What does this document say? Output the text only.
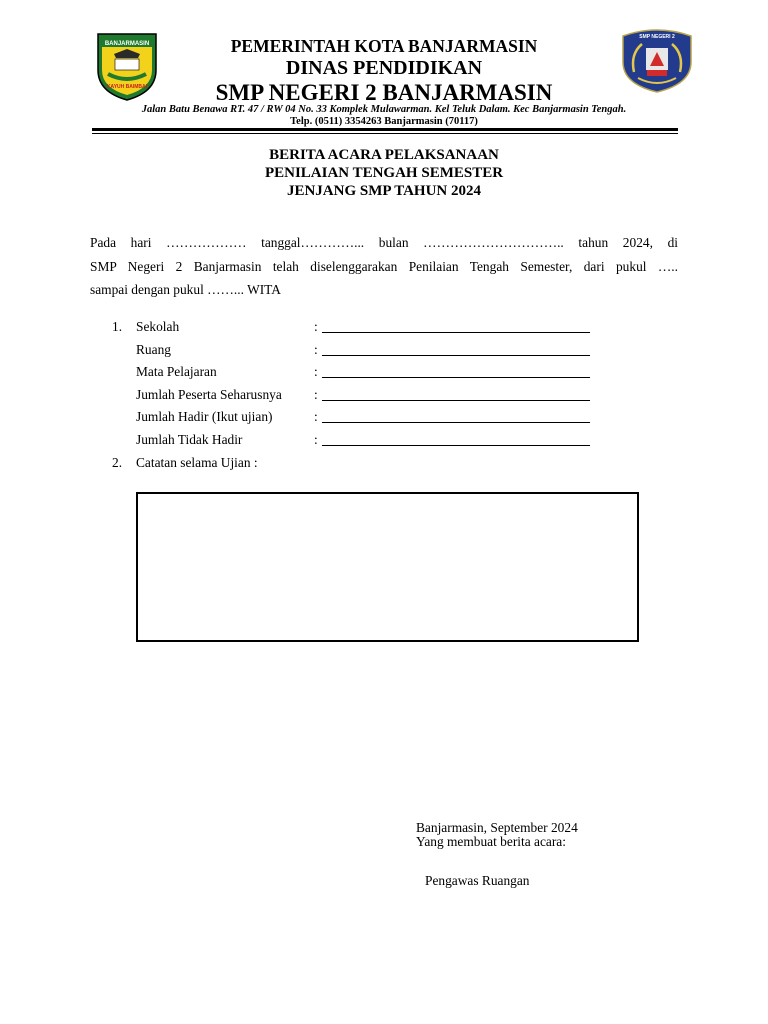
BANJARMASIN
KAYUH BAIMBAI
SMP NEGERI 2
PEMERINTAH KOTA BANJARMASIN
DINAS PENDIDIKAN
SMP NEGERI 2 BANJARMASIN
Jalan Batu Benawa RT. 47 / RW 04 No. 33 Komplek Mulawarman. Kel Teluk Dalam. Kec Banjarmasin Tengah.
Telp. (0511) 3354263 Banjarmasin (70117)
BERITA ACARA PELAKSANAAN
PENILAIAN TENGAH SEMESTER
JENJANG SMP TAHUN 2024
Pada hari ……………… tanggal…………... bulan ………………………….. tahun 2024, di
SMP Negeri 2 Banjarmasin telah diselenggarakan Penilaian Tengah Semester, dari pukul …..
sampai dengan pukul ……... WITA
1. Sekolah	:
Ruang	:
Mata Pelajaran	:
Jumlah Peserta Seharusnya :
Jumlah Hadir (Ikut ujian)	:
Jumlah Tidak Hadir	:
2. Catatan selama Ujian :
Banjarmasin, September 2024
Yang membuat berita acara:
Pengawas Ruangan
